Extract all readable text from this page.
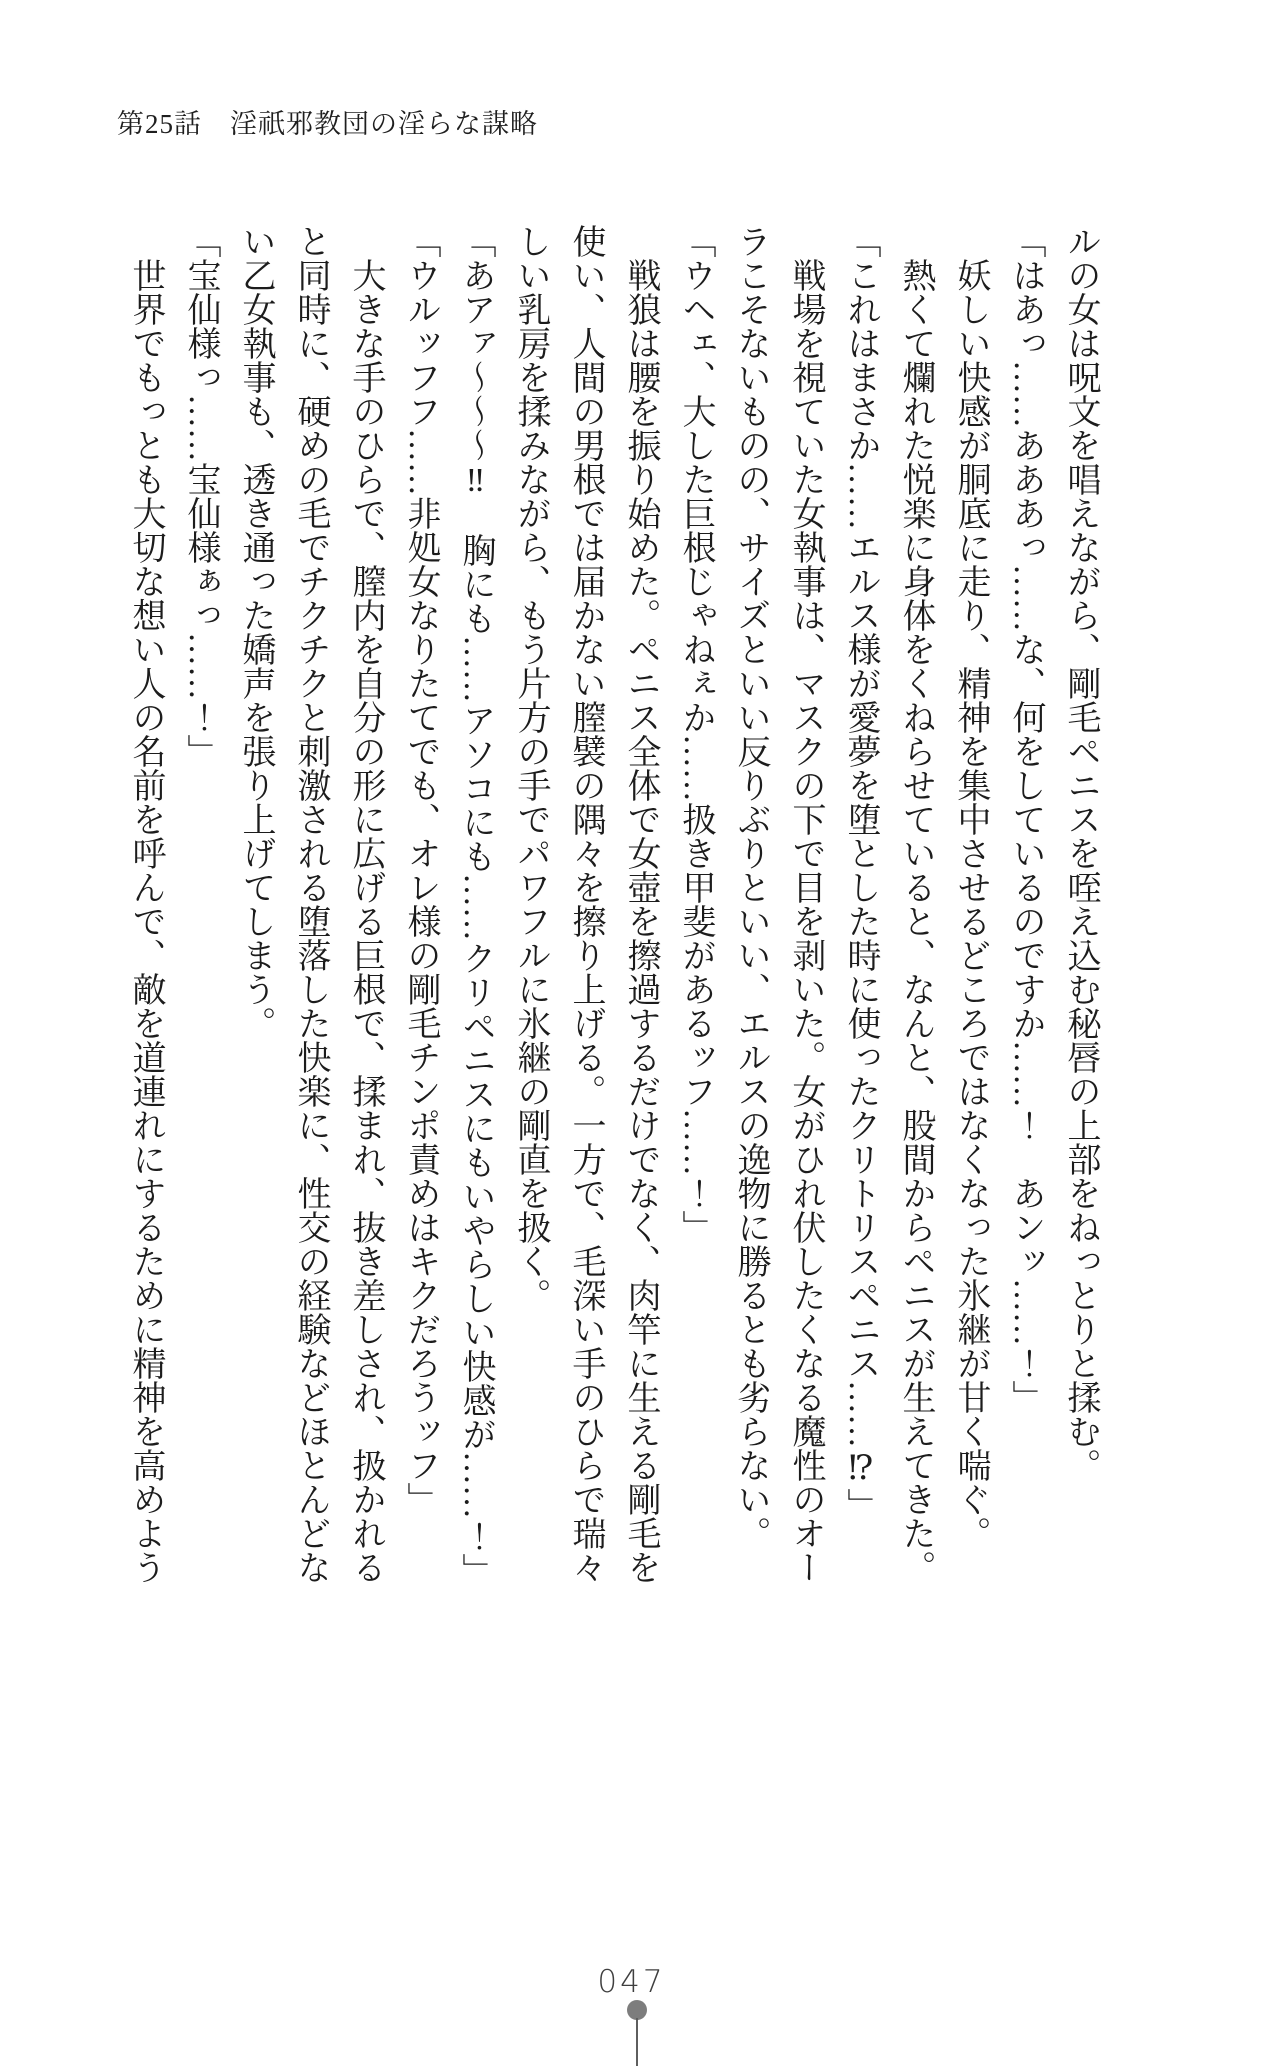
第25話　淫祇邪教団の淫らな謀略
ルの女は呪文を唱えながら、剛毛ペニスを咥え込む秘唇の上部をねっとりと揉む。
「はあっ……あああっ……な、何をしているのですか……！　あンッ……！」
　妖しい快感が胴底に走り、精神を集中させるどころではなくなった氷継が甘く喘ぐ。
　熱くて爛れた悦楽に身体をくねらせていると、なんと、股間からペニスが生えてきた。
「これはまさか……エルス様が愛夢を堕とした時に使ったクリトリスペニス……⁉」
　戦場を視ていた女執事は、マスクの下で目を剥いた。女がひれ伏したくなる魔性のオー
ラこそないものの、サイズといい反りぶりといい、エルスの逸物に勝るとも劣らない。
「ウヘェ、大した巨根じゃねぇか……扱き甲斐があるッフ……！」
　戦狼は腰を振り始めた。ペニス全体で女壺を擦過するだけでなく、肉竿に生える剛毛を
使い、人間の男根では届かない膣襞の隅々を擦り上げる。一方で、毛深い手のひらで瑞々
しい乳房を揉みながら、もう片方の手でパワフルに氷継の剛直を扱く。
「あアァ〜〜〜‼　胸にも……アソコにも……クリペニスにもいやらしい快感が……！」
「ウルッフフ……非処女なりたてでも、オレ様の剛毛チンポ責めはキクだろうッフ」
　大きな手のひらで、膣内を自分の形に広げる巨根で、揉まれ、抜き差しされ、扱かれる
と同時に、硬めの毛でチクチクと刺激される堕落した快楽に、性交の経験などほとんどな
い乙女執事も、透き通った嬌声を張り上げてしまう。
「宝仙様っ……宝仙様ぁっ……！」
　世界でもっとも大切な想い人の名前を呼んで、敵を道連れにするために精神を高めよう
047
